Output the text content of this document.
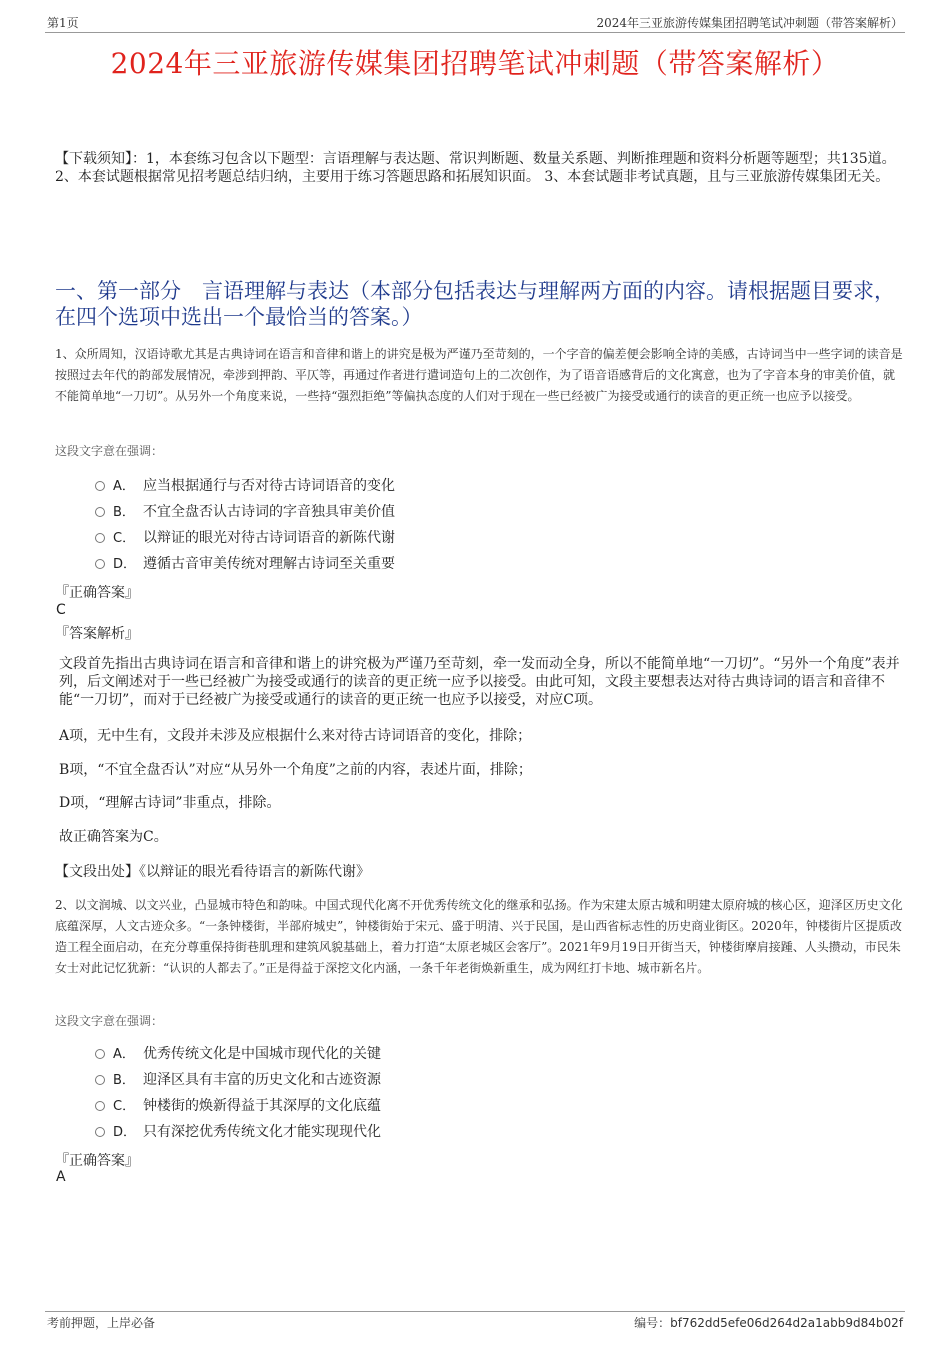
第1页	2024年三亚旅游传媒集团招聘笔试冲刺题（带答案解析）
2024年三亚旅游传媒集团招聘笔试冲刺题（带答案解析）
【下载须知】：1，本套练习包含以下题型：言语理解与表达题、常识判断题、数量关系题、判断推理题和资料分析题等题型；共135道。 2、本套试题根据常见招考题总结归纳，主要用于练习答题思路和拓展知识面。 3、本套试题非考试真题，且与三亚旅游传媒集团无关。
一、第一部分　言语理解与表达（本部分包括表达与理解两方面的内容。请根据题目要求，在四个选项中选出一个最恰当的答案。）
1、众所周知，汉语诗歌尤其是古典诗词在语言和音律和谐上的讲究是极为严谨乃至苛刻的，一个字音的偏差便会影响全诗的美感，古诗词当中一些字词的读音是按照过去年代的韵部发展情况，牵涉到押韵、平仄等，再通过作者进行遣词造句上的二次创作，为了语音语感背后的文化寓意，也为了字音本身的审美价值，就不能简单地“一刀切”。从另外一个角度来说，一些持“强烈拒绝”等偏执态度的人们对于现在一些已经被广为接受或通行的读音的更正统一也应予以接受。
这段文字意在强调：
A． 应当根据通行与否对待古诗词语音的变化
B． 不宜全盘否认古诗词的字音独具审美价值
C． 以辩证的眼光对待古诗词语音的新陈代谢
D． 遵循古音审美传统对理解古诗词至关重要
『正确答案』
C
『答案解析』
文段首先指出古典诗词在语言和音律和谐上的讲究极为严谨乃至苛刻，牵一发而动全身，所以不能简单地“一刀切”。“另外一个角度”表并列，后文阐述对于一些已经被广为接受或通行的读音的更正统一应予以接受。由此可知，文段主要想表达对待古典诗词的语言和音律不能“一刀切”，而对于已经被广为接受或通行的读音的更正统一也应予以接受，对应C项。
A项，无中生有，文段并未涉及应根据什么来对待古诗词语音的变化，排除；
B项，“不宜全盘否认”对应“从另外一个角度”之前的内容，表述片面，排除；
D项，“理解古诗词”非重点，排除。
故正确答案为C。
【文段出处】《以辩证的眼光看待语言的新陈代谢》
2、以文润城、以文兴业，凸显城市特色和韵味。中国式现代化离不开优秀传统文化的继承和弘扬。作为宋建太原古城和明建太原府城的核心区，迎泽区历史文化底蕴深厚，人文古迹众多。“一条钟楼街，半部府城史”，钟楼街始于宋元、盛于明清、兴于民国，是山西省标志性的历史商业街区。2020年，钟楼街片区提质改造工程全面启动，在充分尊重保持街巷肌理和建筑风貌基础上，着力打造“太原老城区会客厅”。2021年9月19日开街当天，钟楼街摩肩接踵、人头攒动，市民朱女士对此记忆犹新：“认识的人都去了。”正是得益于深挖文化内涵，一条千年老街焕新重生，成为网红打卡地、城市新名片。
这段文字意在强调：
A． 优秀传统文化是中国城市现代化的关键
B． 迎泽区具有丰富的历史文化和古迹资源
C． 钟楼街的焕新得益于其深厚的文化底蕴
D． 只有深挖优秀传统文化才能实现现代化
『正确答案』
A
考前押题，上岸必备	编号：bf762dd5efe06d264d2a1abb9d84b02f
